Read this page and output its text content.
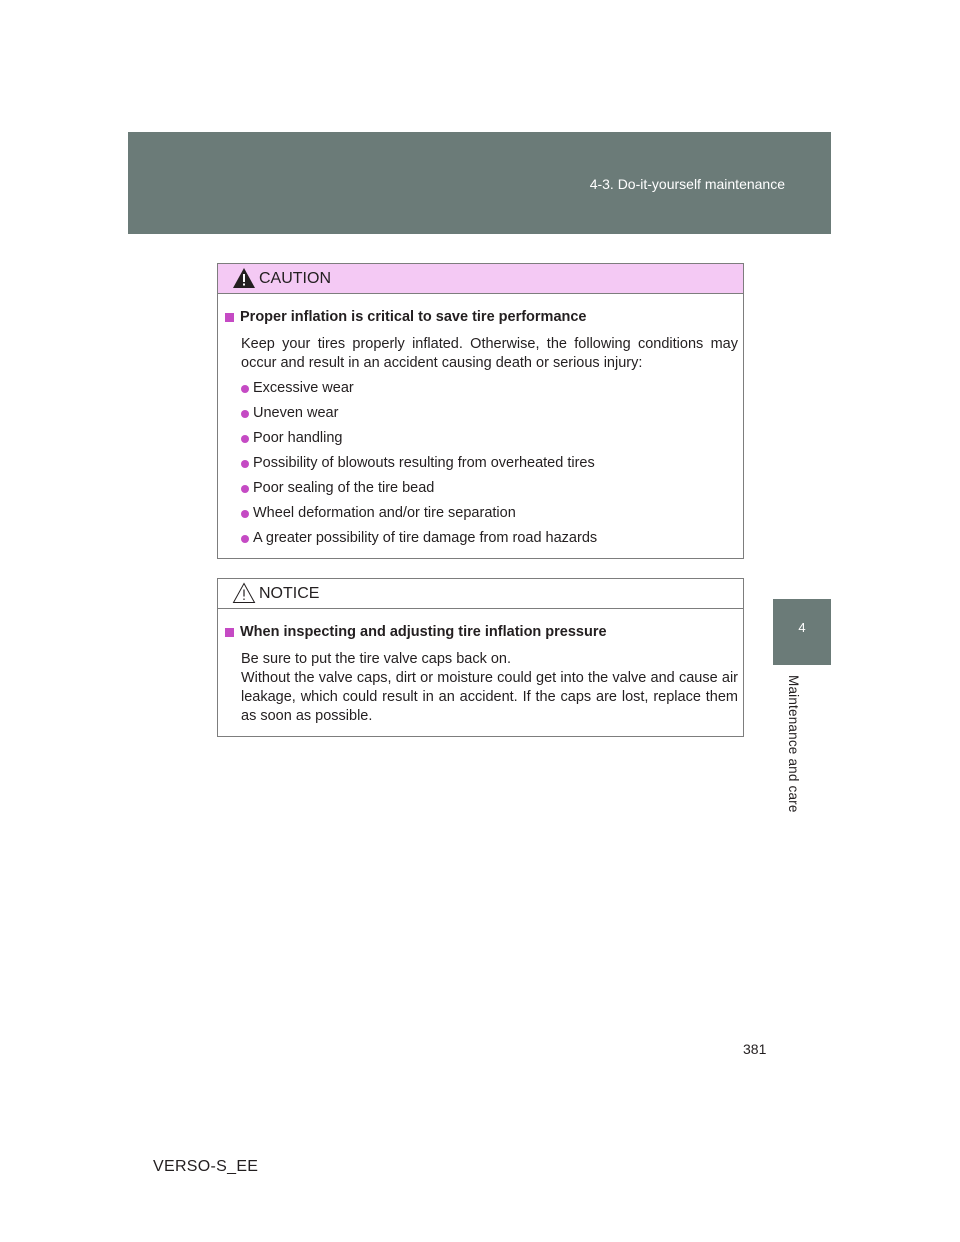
4-3. Do-it-yourself maintenance
4
Maintenance and care
CAUTION
Proper inflation is critical to save tire performance
Keep your tires properly inflated. Otherwise, the following conditions may occur and result in an accident causing death or serious injury:
Excessive wear
Uneven wear
Poor handling
Possibility of blowouts resulting from overheated tires
Poor sealing of the tire bead
Wheel deformation and/or tire separation
A greater possibility of tire damage from road hazards
NOTICE
When inspecting and adjusting tire inflation pressure
Be sure to put the tire valve caps back on.
Without the valve caps, dirt or moisture could get into the valve and cause air leakage, which could result in an accident. If the caps are lost, replace them as soon as possible.
381
VERSO-S_EE
